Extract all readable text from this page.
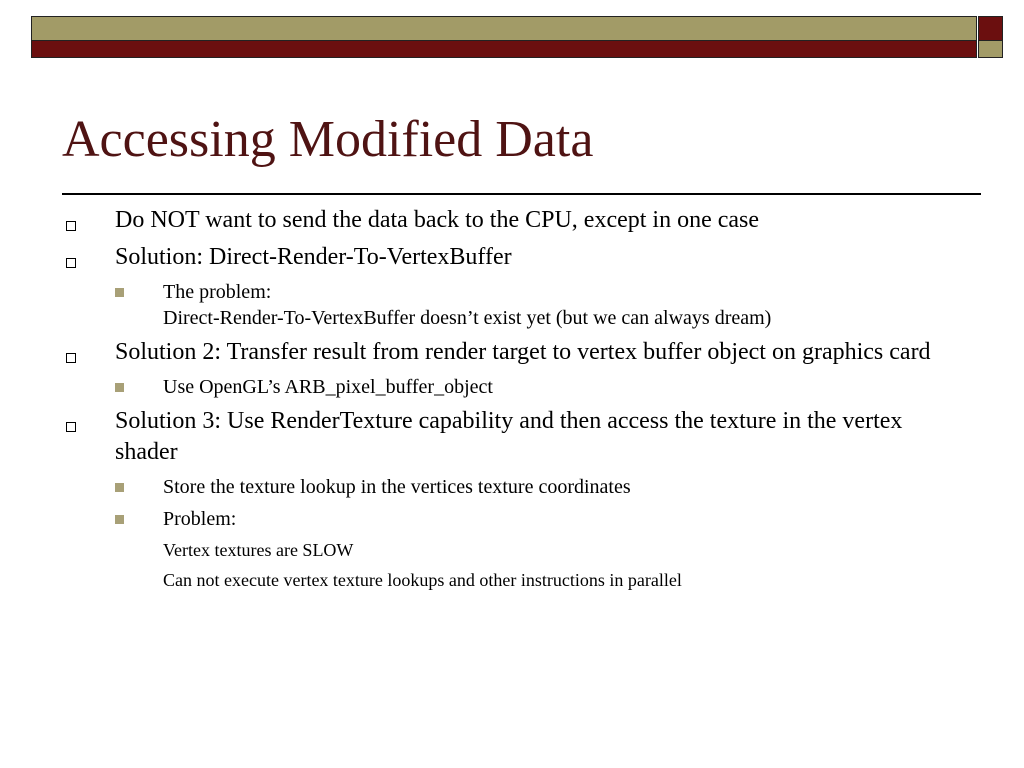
Accessing Modified Data
Do NOT want to send the data back to the CPU, except in one case
Solution: Direct-Render-To-VertexBuffer
The problem:
Direct-Render-To-VertexBuffer doesn’t exist yet (but we can always dream)
Solution 2: Transfer result from render target to vertex buffer object on graphics card
Use OpenGL’s ARB_pixel_buffer_object
Solution 3: Use RenderTexture capability and then access the texture in the vertex shader
Store the texture lookup in the vertices texture coordinates
Problem:
Vertex textures are SLOW
Can not execute vertex texture lookups and other instructions in parallel
